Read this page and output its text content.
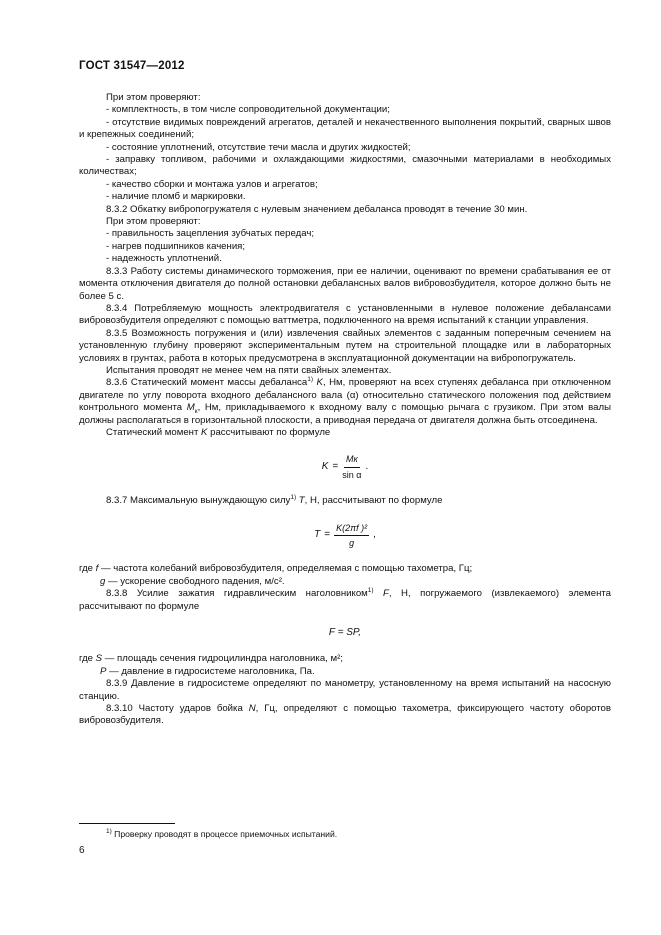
ГОСТ 31547—2012

При этом проверяют:

- комплектность, в том числе сопроводительной документации;

- отсутствие видимых повреждений агрегатов, деталей и некачественного выполнения покрытий, сварных швов и крепежных соединений;

- состояние уплотнений, отсутствие течи масла и других жидкостей;

- заправку топливом, рабочими и охлаждающими жидкостями, смазочными материалами в необходимых количествах;

- качество сборки и монтажа узлов и агрегатов;

- наличие пломб и маркировки.

8.3.2 Обкатку вибропогружателя с нулевым значением дебаланса проводят в течение 30 мин.

При этом проверяют:

- правильность зацепления зубчатых передач;

- нагрев подшипников качения;

- надежность уплотнений.

8.3.3 Работу системы динамического торможения, при ее наличии, оценивают по времени срабатывания ее от момента отключения двигателя до полной остановки дебалансных валов вибровозбудителя, которое должно быть не более 5 с.

8.3.4 Потребляемую мощность электродвигателя с установленными в нулевое положение дебалансами вибровозбудителя определяют с помощью ваттметра, подключенного на время испытаний к станции управления.

8.3.5 Возможность погружения и (или) извлечения свайных элементов с заданным поперечным сечением на установленную глубину проверяют экспериментальным путем на строительной площадке или в лабораторных условиях в грунтах, работа в которых предусмотрена в эксплуатационной документации на вибропогружатель.

Испытания проводят не менее чем на пяти свайных элементах.

8.3.6 Статический момент массы дебаланса$^{1)}$ K, Нм, проверяют на всех ступенях дебаланса при отключенном двигателе по углу поворота входного дебалансного вала (α) относительно статического положения под действием контрольного момента $M_к$, Нм, прикладываемого к входному валу с помощью рычага с грузиком. При этом валы должны располагаться в горизонтальной плоскости, а приводная передача от двигателя должна быть отсоединена.

Статический момент K рассчитывают по формуле

$K = \frac{Mк}{\text{sin α}}$ .

8.3.7 Максимальную вынуждающую силу$^{1)}$ T, Н, рассчитывают по формуле

$T = \frac{\text{K(2πf )²}}{g}$ ,

где f — частота колебаний вибровозбудителя, определяемая с помощью тахометра, Гц;

g — ускорение свободного падения, м/с².

8.3.8 Усилие зажатия гидравлическим наголовником$^{1)}$ F, Н, погружаемого (извлекаемого) элемента рассчитывают по формуле

F = SP,

где S — площадь сечения гидроцилиндра наголовника, м²;

P — давление в гидросистеме наголовника, Па.

8.3.9 Давление в гидросистеме определяют по манометру, установленному на время испытаний на насосную станцию.

8.3.10 Частоту ударов бойка N, Гц, определяют с помощью тахометра, фиксирующего частоту оборотов вибровозбудителя.

$^{1)}$ Проверку проводят в процессе приемочных испытаний.
6
